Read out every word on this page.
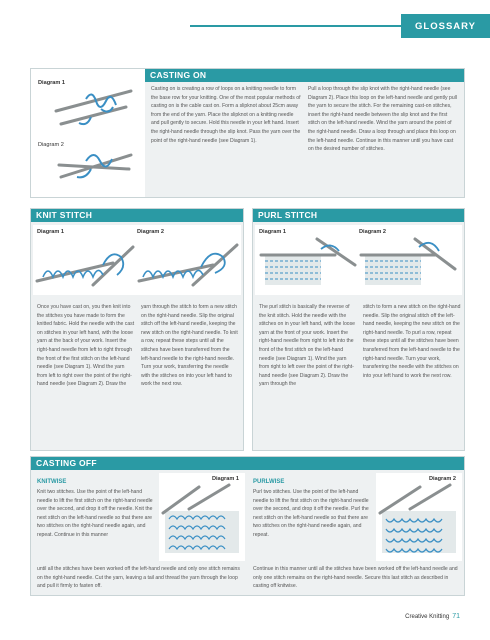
GLOSSARY
Diagram 1
Diagram 2
CASTING ON

Casting on is creating a row of loops on a knitting needle to form the base row for your knitting. One of the most popular methods of casting on is the cable cast on. Form a slipknot about 25cm away from the end of the yarn. Place the slipknot on a knitting needle and pull gently to secure. Hold this needle in your left hand. Insert the right-hand needle through the slip knot. Pass the yarn over the point of the right-hand needle (see Diagram 1).

Pull a loop through the slip knot with the right-hand needle (see Diagram 2). Place this loop on the left-hand needle and gently pull the yarn to secure the stitch. For the remaining cast-on stitches, insert the right-hand needle between the slip knot and the first stitch on the left-hand needle. Wind the yarn around the point of the right-hand needle. Draw a loop through and place this loop on the left-hand needle. Continue in this manner until you have cast on the desired number of stitches.

KNIT STITCH
Diagram 1	Diagram 2

Once you have cast on, you then knit into the stitches you have made to form the knitted fabric. Hold the needle with the cast on stitches in your left hand, with the loose yarn at the back of your work. Insert the right-hand needle from left to right through the front of the first stitch on the left-hand needle (see Diagram 1). Wind the yarn from left to right over the point of the right-hand needle (see Diagram 2). Draw the

yarn through the stitch to form a new stitch on the right-hand needle. Slip the original stitch off the left-hand needle, keeping the new stitch on the right-hand needle. To knit a row, repeat these steps until all the stitches have been transferred from the left-hand needle to the right-hand needle. Turn your work, transferring the needle with the stitches on into your left hand to work the next row.

PURL STITCH
Diagram 1	Diagram 2

The purl stitch is basically the reverse of the knit stitch. Hold the needle with the stitches on in your left hand, with the loose yarn at the front of your work. Insert the right-hand needle from right to left into the front of the first stitch on the left-hand needle (see Diagram 1). Wind the yarn from right to left over the point of the right-hand needle (see Diagram 2). Draw the yarn through the

stitch to form a new stitch on the right-hand needle. Slip the original stitch off the left-hand needle, keeping the new stitch on the right-hand needle. To purl a row, repeat these steps until all the stitches have been transferred from the left-hand needle to the right-hand needle. Turn your work, transferring the needle with the stitches on into your left hand to work the next row.

CASTING OFF
KNITWISE

Knit two stitches. Use the point of the left-hand needle to lift the first stitch on the right-hand needle over the second, and drop it off the needle. Knit the next stitch on the left-hand needle so that there are two stitches on the right-hand needle again, and repeat. Continue in this manner

until all the stitches have been worked off the left-hand needle and only one stitch remains on the right-hand needle. Cut the yarn, leaving a tail and thread the yarn through the loop and pull it firmly to fasten off.

Diagram 1 PURLWISE

Purl two stitches. Use the point of the left-hand needle to lift the first stitch on the right-hand needle over the second, and drop it off the needle. Purl the next stitch on the left-hand needle so that there are two stitches on the right-hand needle again, and repeat.

Continue in this manner until all the stitches have been worked off the left-hand needle and only one stitch remains on the right-hand needle. Secure this last stitch as described in casting off knitwise.

Diagram 2
Creative Knitting 71
